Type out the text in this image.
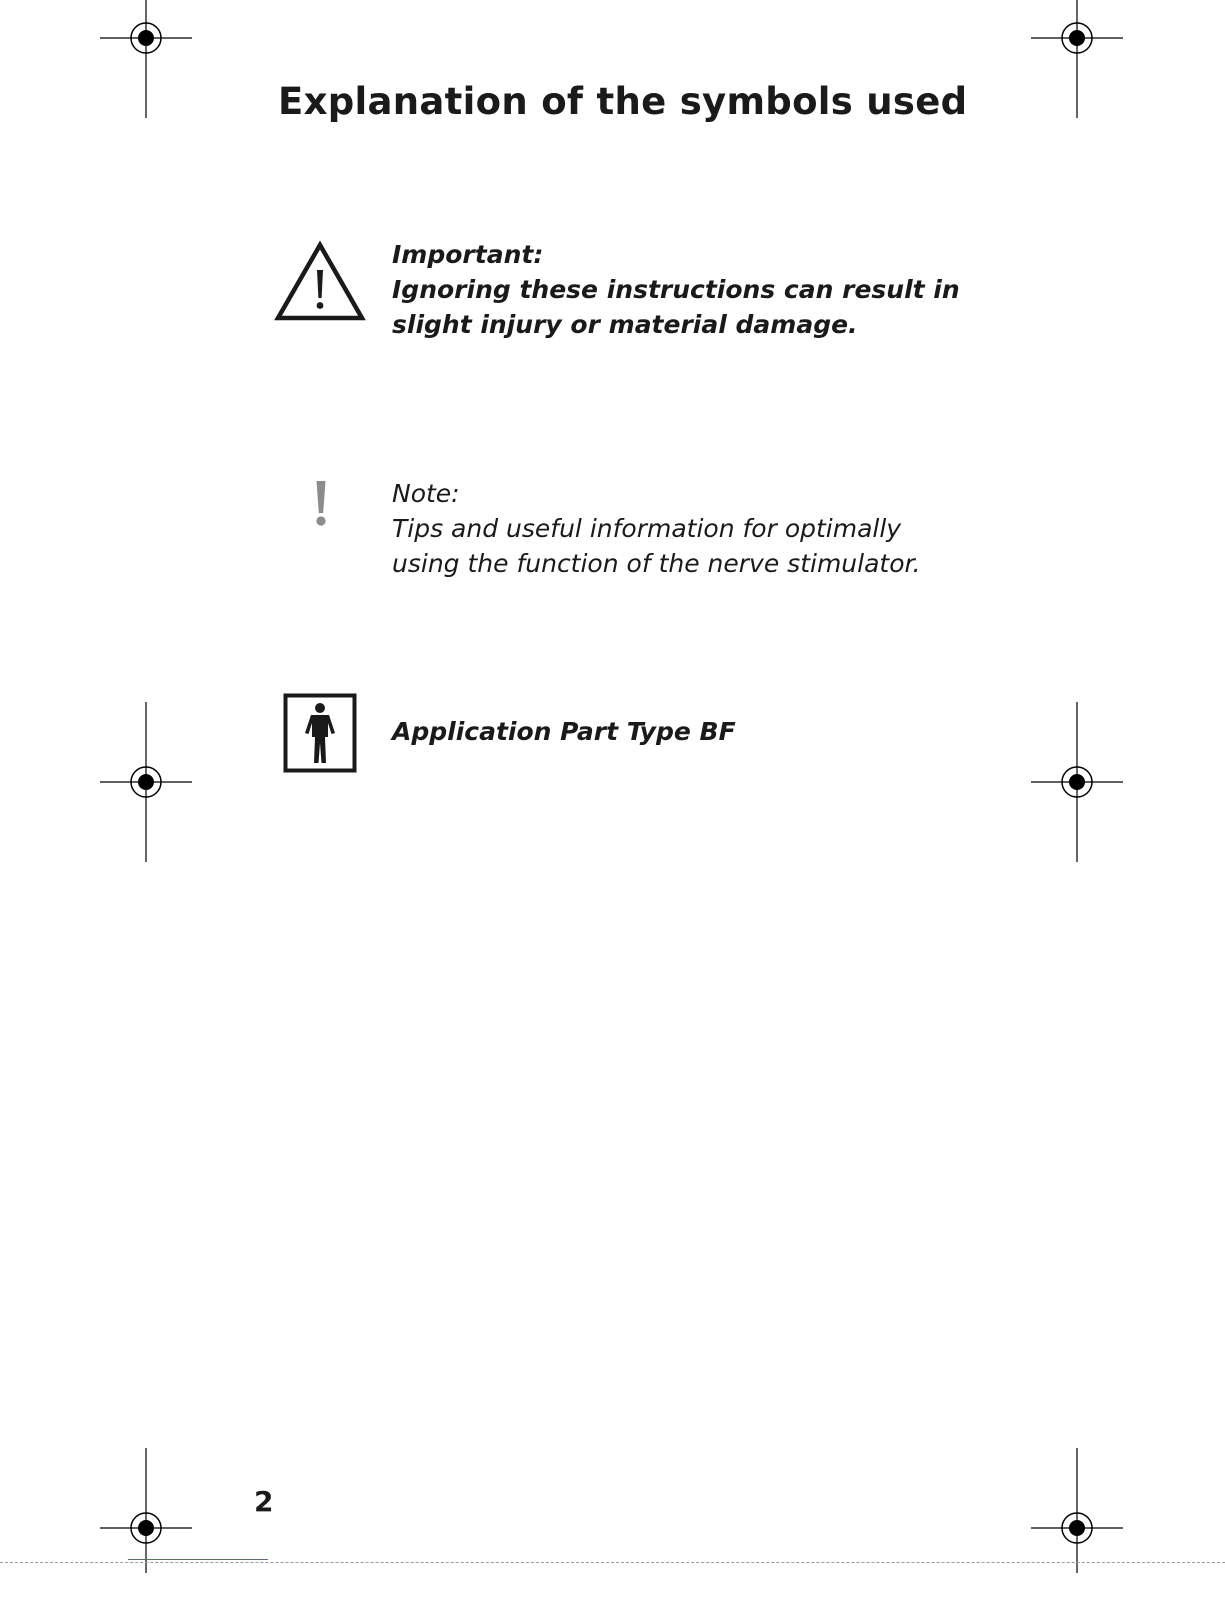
Explanation of the symbols used
Important:
Ignoring these instructions can result in
slight injury or material damage.
Note:
Tips and useful information for optimally
using the function of the nerve stimulator.
Application Part Type BF
2
